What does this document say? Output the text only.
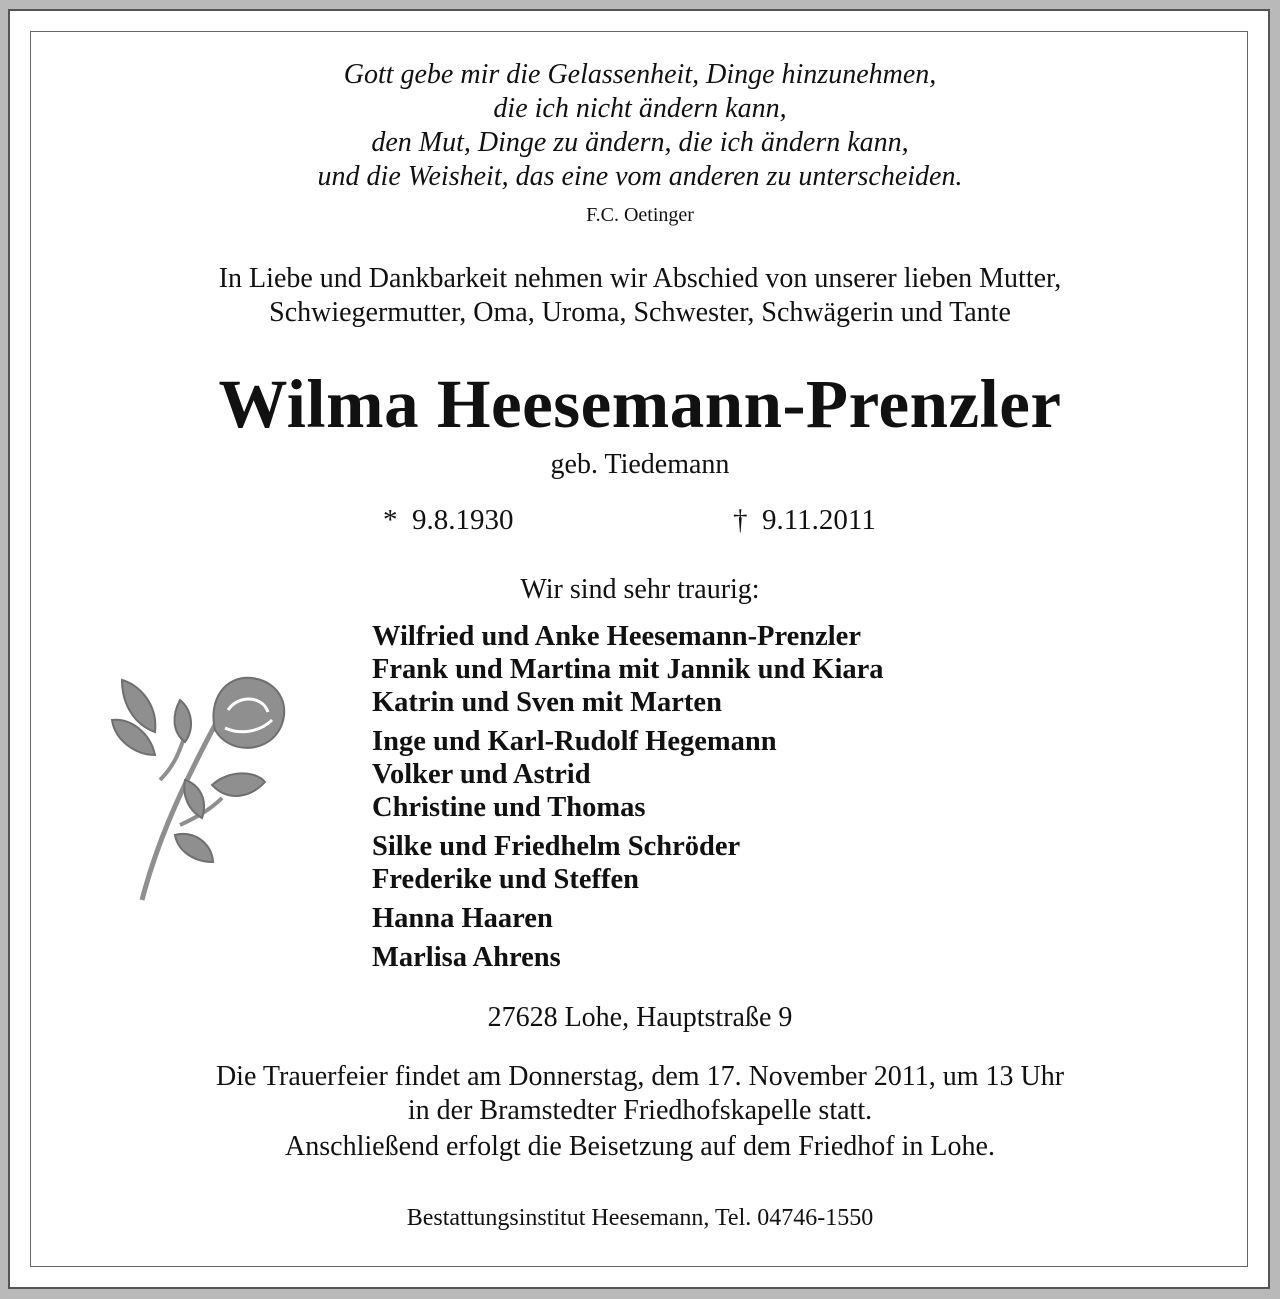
Gott gebe mir die Gelassenheit, Dinge hinzunehmen,
die ich nicht ändern kann,
den Mut, Dinge zu ändern, die ich ändern kann,
und die Weisheit, das eine vom anderen zu unterscheiden.
F.C. Oetinger
In Liebe und Dankbarkeit nehmen wir Abschied von unserer lieben Mutter,
Schwiegermutter, Oma, Uroma, Schwester, Schwägerin und Tante
Wilma Heesemann-Prenzler
geb. Tiedemann
* 9.8.1930	† 9.11.2011
Wir sind sehr traurig:
Wilfried und Anke Heesemann-Prenzler
Frank und Martina mit Jannik und Kiara
Katrin und Sven mit Marten
Inge und Karl-Rudolf Hegemann
Volker und Astrid
Christine und Thomas
Silke und Friedhelm Schröder
Frederike und Steffen
Hanna Haaren
Marlisa Ahrens
27628 Lohe, Hauptstraße 9
Die Trauerfeier findet am Donnerstag, dem 17. November 2011, um 13 Uhr
in der Bramstedter Friedhofskapelle statt.
Anschließend erfolgt die Beisetzung auf dem Friedhof in Lohe.
Bestattungsinstitut Heesemann, Tel. 04746-1550
